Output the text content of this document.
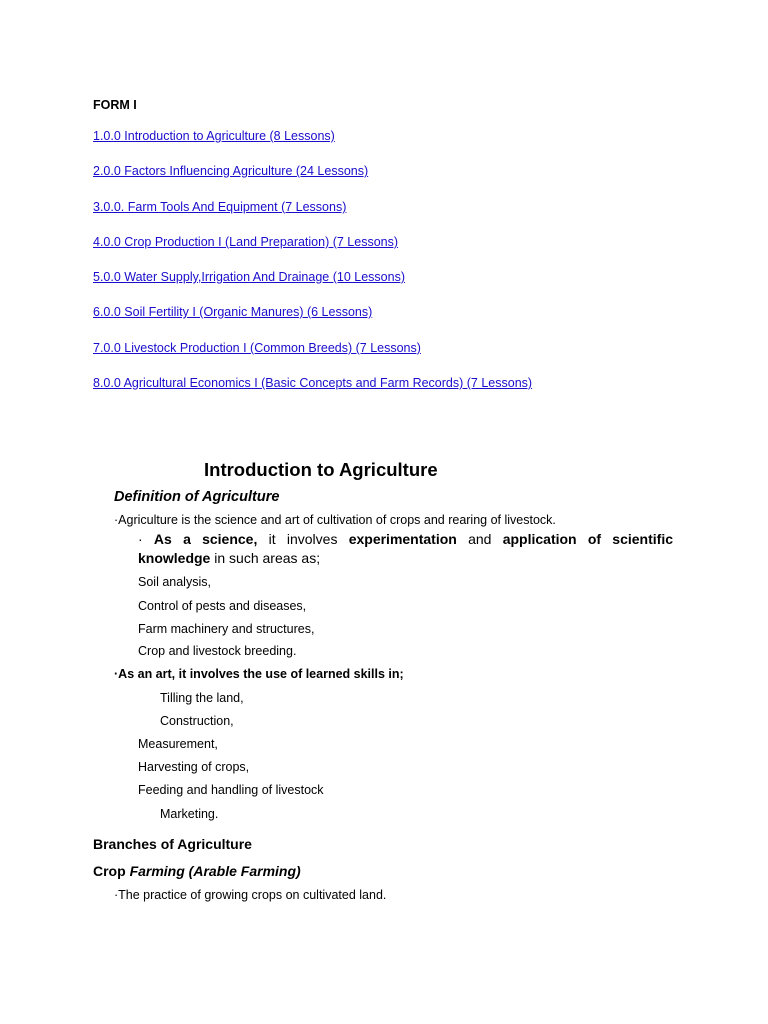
FORM I
1.0.0 Introduction to Agriculture (8 Lessons)
2.0.0 Factors Influencing Agriculture (24 Lessons)
3.0.0. Farm Tools And Equipment (7 Lessons)
4.0.0 Crop Production I (Land Preparation) (7 Lessons)
5.0.0 Water Supply,Irrigation And Drainage (10 Lessons)
6.0.0 Soil Fertility I (Organic Manures) (6 Lessons)
7.0.0 Livestock Production I (Common Breeds) (7 Lessons)
8.0.0 Agricultural Economics I (Basic Concepts and Farm Records) (7 Lessons)
Introduction to Agriculture
Definition of Agriculture
·Agriculture is the science and art of cultivation of crops and rearing of livestock.
· As a science, it involves experimentation and application of scientific knowledge in such areas as;
Soil analysis,
Control of pests and diseases,
Farm machinery and structures,
Crop and livestock breeding.
·As an art, it involves the use of learned skills in;
Tilling the land,
Construction,
Measurement,
Harvesting of crops,
Feeding and handling of livestock
Marketing.
Branches of Agriculture
Crop Farming (Arable Farming)
·The practice of growing crops on cultivated land.
